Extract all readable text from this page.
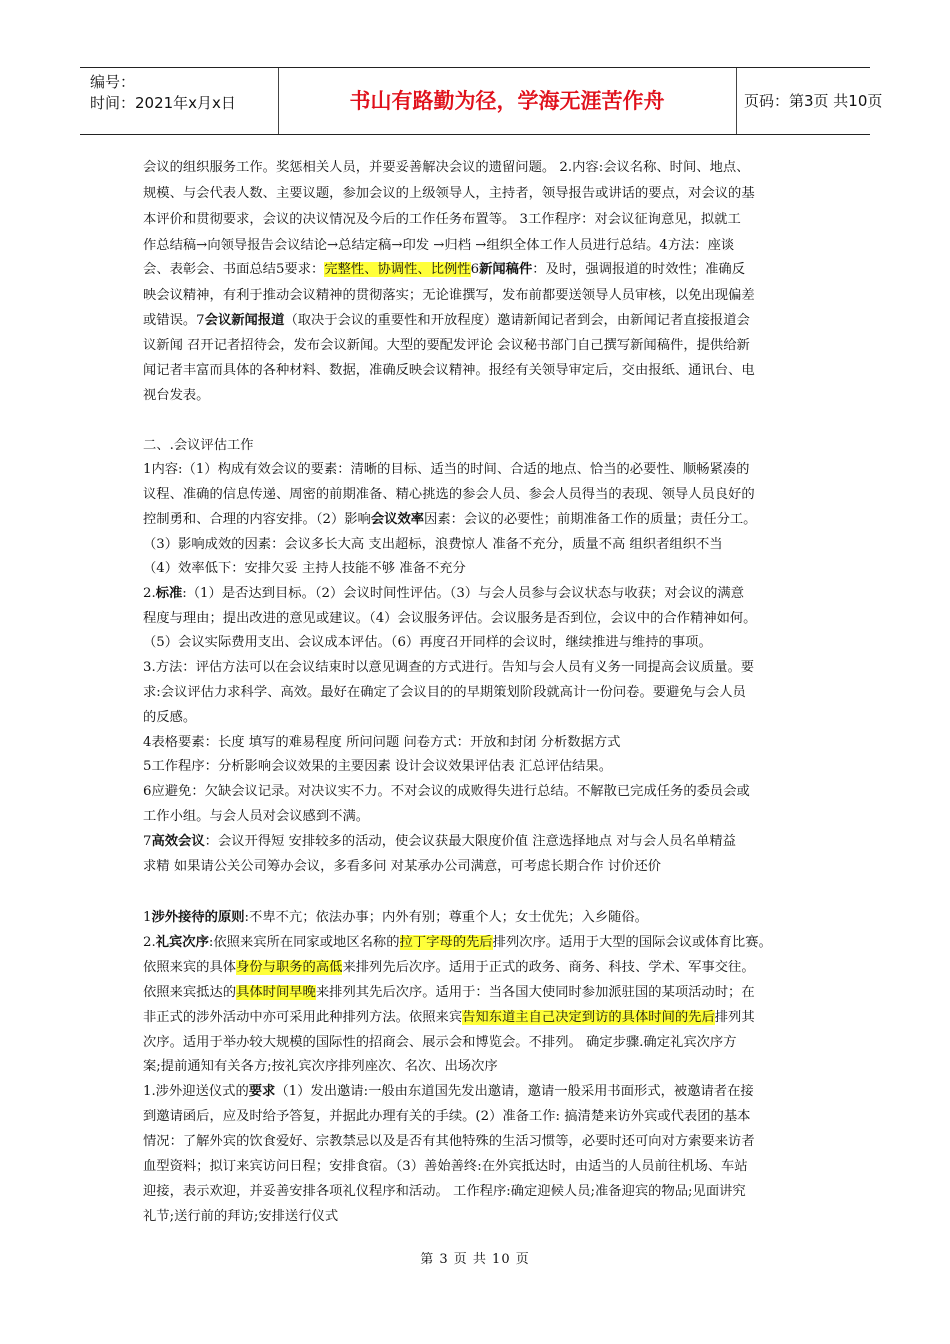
编号：
时间：2021年x月x日	书山有路勤为径，学海无涯苦作舟	页码：第3页 共10页
会议的组织服务工作。奖惩相关人员，并要妥善解决会议的遗留问题。 2.内容:会议名称、时间、地点、
规模、与会代表人数、主要议题，参加会议的上级领导人，主持者，领导报告或讲话的要点，对会议的基
本评价和贯彻要求，会议的决议情况及今后的工作任务布置等。 3工作程序：对会议征询意见，拟就工
作总结稿→向领导报告会议结论→总结定稿→印发 →归档 →组织全体工作人员进行总结。4方法：座谈
会、表彰会、书面总结5要求：完整性、协调性、比例性6新闻稿件：及时，强调报道的时效性；准确反
映会议精神，有利于推动会议精神的贯彻落实；无论谁撰写，发布前都要送领导人员审核，以免出现偏差
或错误。7会议新闻报道（取决于会议的重要性和开放程度）邀请新闻记者到会，由新闻记者直接报道会
议新闻 召开记者招待会，发布会议新闻。大型的要配发评论 会议秘书部门自己撰写新闻稿件，提供给新
闻记者丰富而具体的各种材料、数据，准确反映会议精神。报经有关领导审定后，交由报纸、通讯台、电
视台发表。
二、.会议评估工作
1内容:（1）构成有效会议的要素：清晰的目标、适当的时间、合适的地点、恰当的必要性、顺畅紧凑的
议程、准确的信息传递、周密的前期准备、精心挑选的参会人员、参会人员得当的表现、领导人员良好的
控制勇和、合理的内容安排。（2）影响会议效率因素：会议的必要性；前期准备工作的质量；责任分工。
（3）影响成效的因素：会议多长大高 支出超标，浪费惊人 准备不充分，质量不高 组织者组织不当
（4）效率低下：安排欠妥 主持人技能不够 准备不充分
2.标准:（1）是否达到目标。（2）会议时间性评估。（3）与会人员参与会议状态与收获；对会议的满意
程度与理由；提出改进的意见或建议。（4）会议服务评估。会议服务是否到位，会议中的合作精神如何。
（5）会议实际费用支出、会议成本评估。（6）再度召开同样的会议时，继续推进与维持的事项。
3.方法：评估方法可以在会议结束时以意见调查的方式进行。告知与会人员有义务一同提高会议质量。要
求:会议评估力求科学、高效。最好在确定了会议目的的早期策划阶段就高计一份问卷。要避免与会人员
的反感。
4表格要素：长度 填写的难易程度 所问问题 问卷方式：开放和封闭 分析数据方式
5工作程序：分析影响会议效果的主要因素 设计会议效果评估表 汇总评估结果。
6应避免：欠缺会议记录。对决议实不力。不对会议的成败得失进行总结。不解散已完成任务的委员会或
工作小组。与会人员对会议感到不满。
7高效会议：会议开得短 安排较多的活动，使会议获最大限度价值 注意选择地点 对与会人员名单精益
求精 如果请公关公司筹办会议，多看多问 对某承办公司满意，可考虑长期合作 讨价还价
1涉外接待的原则:不卑不亢；依法办事；内外有别；尊重个人；女士优先；入乡随俗。
2.礼宾次序:依照来宾所在同家或地区名称的拉丁字母的先后排列次序。适用于大型的国际会议或体育比赛。
依照来宾的具体身份与职务的高低来排列先后次序。适用于正式的政务、商务、科技、学术、军事交往。
依照来宾抵达的具体时间早晚来排列其先后次序。适用于：当各国大使同时参加派驻国的某项活动时；在
非正式的涉外活动中亦可采用此种排列方法。依照来宾告知东道主自己决定到访的具体时间的先后排列其
次序。适用于举办较大规模的国际性的招商会、展示会和博览会。不排列。 确定步骤.确定礼宾次序方
案;提前通知有关各方;按礼宾次序排列座次、名次、出场次序
1.涉外迎送仪式的要求（1）发出邀请:一般由东道国先发出邀请，邀请一般采用书面形式，被邀请者在接
到邀请函后，应及时给予答复，并据此办理有关的手续。(2）准备工作: 搞清楚来访外宾或代表团的基本
情况：了解外宾的饮食爱好、宗教禁忌以及是否有其他特殊的生活习惯等，必要时还可向对方索要来访者
血型资料；拟订来宾访问日程；安排食宿。（3）善始善终:在外宾抵达时，由适当的人员前往机场、车站
迎接，表示欢迎，并妥善安排各项礼仪程序和活动。 工作程序:确定迎候人员;准备迎宾的物品;见面讲究
礼节;送行前的拜访;安排送行仪式
第 3 页 共 10 页
